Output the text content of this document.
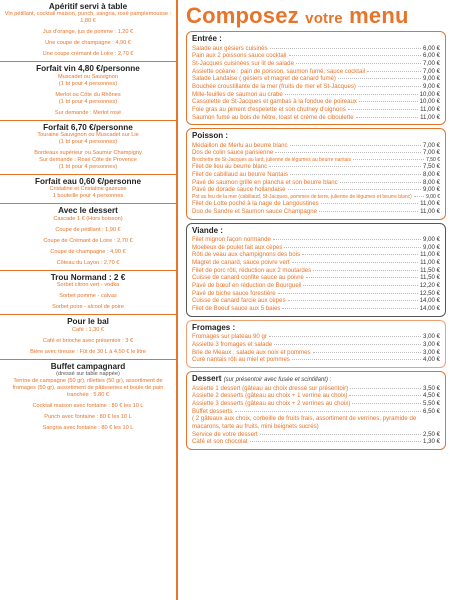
Apéritif servi à table
Vin pétillant, cocktail maison, punch, sangria, rosé pamplemousse : 1,80 €
Jus d'orange, jus de pomme : 1,20 €
Une coupe de champagne : 4,90 €
Une coupe crémant de Loire : 2,70 €
Forfait vin 4,80 €/personne
Muscadet ou Sauvignon
(1 bt pour 4 personnes)
Merlot ou Côte du Rhônes
(1 bt pour 4 personnes)
Sur demande : Merlot rosé
Forfait 6,70 €/personne
Touraine Sauvignon ou Muscadet sur Lie
(1 bt pour 4 personnes)
Bordeaux supérieur ou Saumur Champigny
Sur demande : Rosé Côte de Provence
(1 bt pour 4 personnes)
Forfait eau 0,60 €/personne
Cristaline et Cristaline gazeuse
1 bouteille pour 4 personnes
Avec le dessert
Cascade 1 € (Hors boisson)
Coupe de pétillant : 1,90 €
Coupe de Crémant de Loire : 2,70 €
Coupe de champagne : 4,90 €
Côteau du Layon : 2,70 €
Trou Normand : 2 €
Sorbet citron vert - vodka
Sorbet pomme - calvas
Sorbet poire - alcool de poire
Pour le bal
Café : 1,30 €
Café et brioche avec présentoir : 3 €
Bière avec tireuse : Fût de 30 L à 4,50 € le litre
Buffet campagnard
(dressé sur table nappée)
Terrine de campagne (50 gr), rillettes (50 gr), assortiment de fromages (50 gr), assortiment de pâtisseries et boule de pain tranchée : 5,80 €
Cocktail maison avec fontaine : 80 € les 10 L
Punch avec fontaine : 80 € les 10 L
Sangria avec fontaine : 80 € les 10 L
Composez votre menu
Entrée :
Salade aux gésiers cuisinés	6,00 €
Pain aux 2 poissons sauce cocktail	6,00 €
St-Jacques cuisinées sur lit de salade	7,00 €
Assiette océane : pain de poisson, saumon fumé, sauce cocktail	7,00 €
Salade Landaise ( gésiers et magret de canard fumé)	9,00 €
Bouchée croustillante de la mer (fruits de mer et St-Jacques)	9,00 €
Mille-feuilles de saumon au crabe	10,00 €
Cassolette de St-Jacques et gambas à la fondue de poireaux	10,00 €
Foie gras au piment d'espelette et son chutney d'oignons	11,00 €
Saumon fumé au bois de hêtre, toast et crème de ciboulette	11,00 €
Poisson :
Médaillon de Merlu au beurre blanc	7,00 €
Dos de colin sauce parisienne	7,00 €
Brochette de St-Jacques au lard, julienne de légumes au beurre nantais	7,50 €
Filet de lieu au beurre blanc	7,50 €
Filet de cabillaud au beurre Nantais	8,00 €
Pavé de saumon grillé en plancha et son beurre blanc	8,00 €
Pavé de dorade sauce hollandaise	9,00 €
Pot au feu de la mer (cabillaud, St-Jacques, pommes de terre, julienne de légumes et beurre blanc)	9,00 €
Filet de Lotte poché à la nage de Langoustines	11,00 €
Duo de Sandre et Saumon sauce Champagne	11,00 €
Viande :
Filet mignon façon normande	9,00 €
Moelleux de poulet fait aux cèpes	9,00 €
Rôti de veau aux champignons des bois	11,00 €
Magret de canard, sauce poivre vert	11,00 €
Filet de porc rôti, réduction aux 2 moutardes	11,50 €
Cuisse de canard confite sauce au poivre	11,50 €
Pavé de bœuf en réduction de Bourgueil	12,20 €
Pavé de biche sauce forestière	12,50 €
Cuisse de canard farcie aux cèpes	14,00 €
Filet de Boeuf sauce aux 5 baies	14,00 €
Fromages :
Fromages sur plateau 90 gr	3,00 €
Assiette 3 fromages et salade	3,00 €
Brie de Meaux , salade aux noix et pommes	3,00 €
Curé nantais rôti au miel et pommes	4,00 €
Dessert (sur présentoir avec fusée et scintillant) :
Assiette 1 dessert (gâteau au choix dressé sur présentoir)	3,50 €
Assiette 2 desserts (gâteau au choix + 1 verrine au choix)	4,50 €
Assiette 3 desserts (gâteau au choix + 2 verrines au choix)	5,50 €
Buffet desserts	6,50 €
( 2 gâteaux aux choix, corbeille de fruits frais, assortiment de verrines, pyramide de macarons, tarte au fruits, mini beignets sucrés)
Service de votre dessert	2,50 €
Café et son chocolat	1,30 €
